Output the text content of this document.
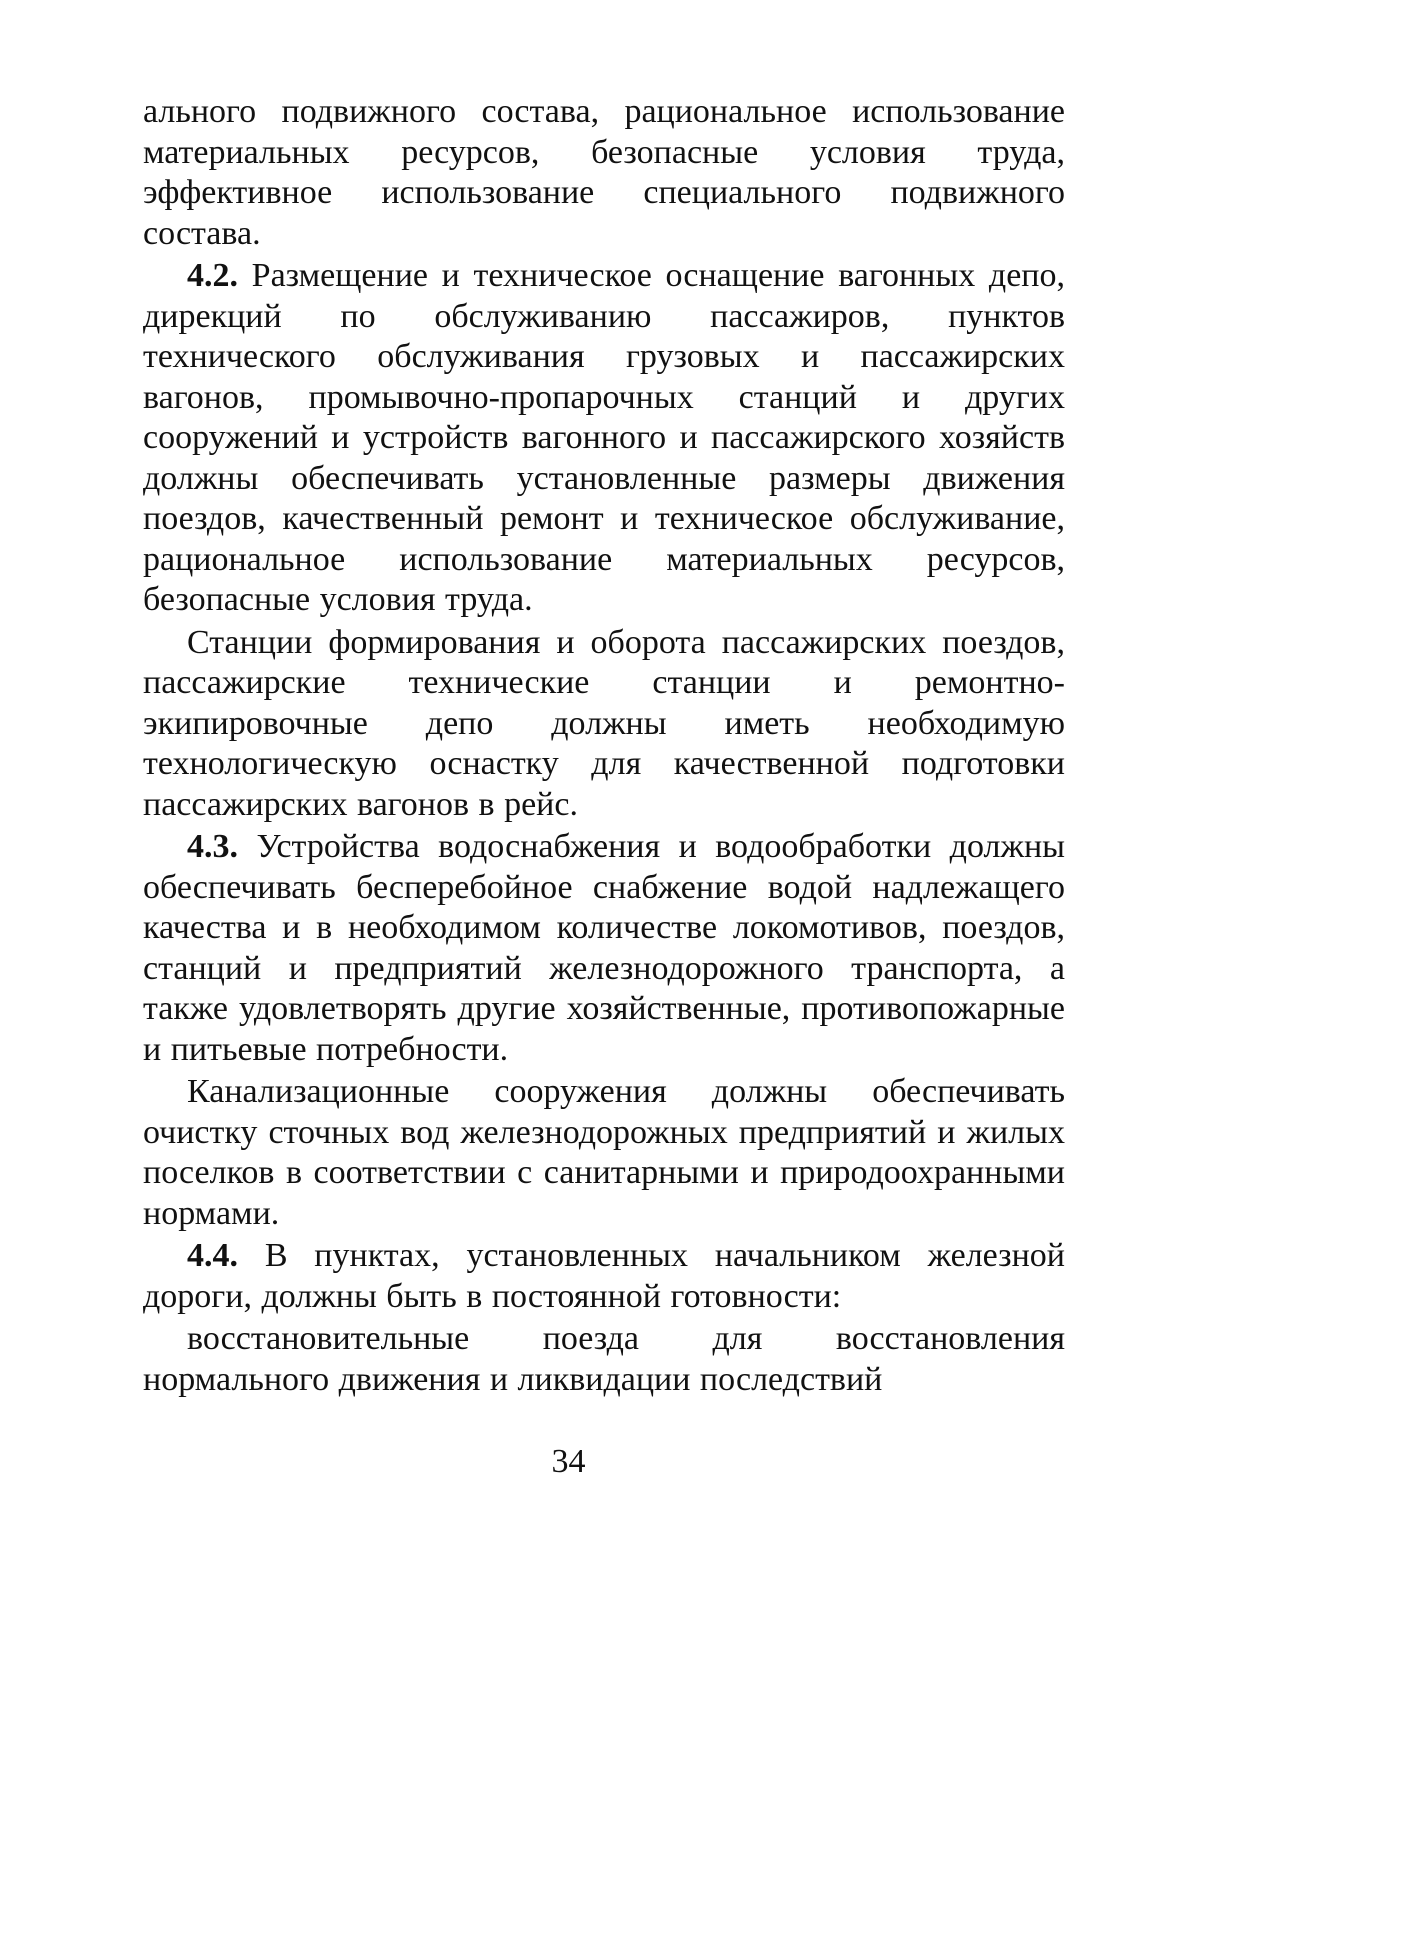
ального подвижного состава, рациональное использование материальных ресурсов, безопасные условия труда, эффективное использование специального подвижного состава.

4.2. Размещение и техническое оснащение вагонных депо, дирекций по обслуживанию пассажиров, пунктов технического обслуживания грузовых и пассажирских вагонов, промывочно-пропарочных станций и других сооружений и устройств вагонного и пассажирского хозяйств должны обеспечивать установленные размеры движения поездов, качественный ремонт и техническое обслуживание, рациональное использование материальных ресурсов, безопасные условия труда.

Станции формирования и оборота пассажирских поездов, пассажирские технические станции и ремонтно-экипировочные депо должны иметь необходимую технологическую оснастку для качественной подготовки пассажирских вагонов в рейс.

4.3. Устройства водоснабжения и водообработки должны обеспечивать бесперебойное снабжение водой надлежащего качества и в необходимом количестве локомотивов, поездов, станций и предприятий железнодорожного транспорта, а также удовлетворять другие хозяйственные, противопожарные и питьевые потребности.

Канализационные сооружения должны обеспечивать очистку сточных вод железнодорожных предприятий и жилых поселков в соответствии с санитарными и природоохранными нормами.

4.4. В пунктах, установленных начальником железной дороги, должны быть в постоянной готовности:

восстановительные поезда для восстановления нормального движения и ликвидации последствий

34
